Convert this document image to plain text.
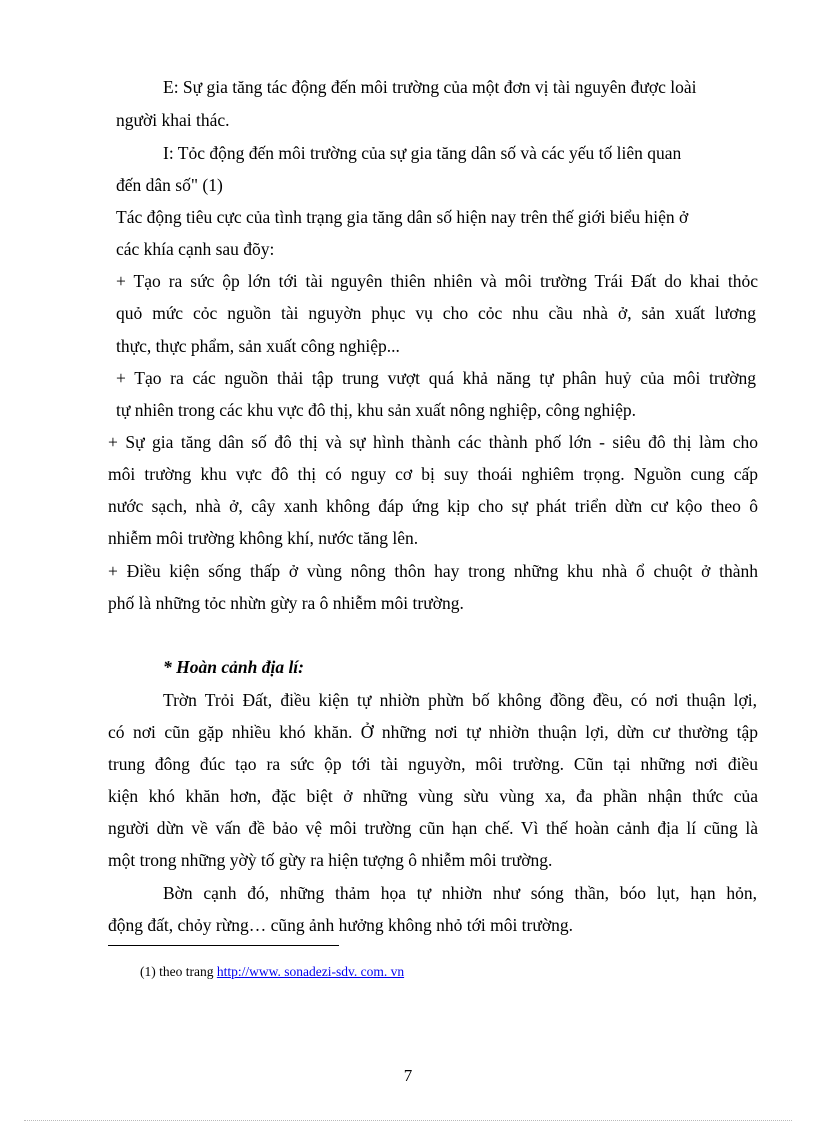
E: Sự gia tăng tác động đến môi trường của một đơn vị tài nguyên được loài
người khai thác.
I: Tỏc động đến môi trường của sự gia tăng dân số và các yếu tố liên quan
đến dân số" (1)
Tác động tiêu cực của tình trạng gia tăng dân số hiện nay trên thế giới biểu hiện ở
các khía cạnh sau đõy:
+ Tạo ra sức ộp lớn tới tài nguyên thiên nhiên và môi trường Trái Đất do khai thỏc
quỏ mức cỏc nguồn tài nguyờn phục vụ cho cỏc nhu cầu nhà ở, sản xuất lương
thực, thực phẩm, sản xuất công nghiệp...
+ Tạo ra các nguồn thải tập trung vượt quá khả năng tự phân huỷ của môi trường
tự nhiên trong các khu vực đô thị, khu sản xuất nông nghiệp, công nghiệp.
+ Sự gia tăng dân số đô thị và sự hình thành các thành phố lớn - siêu đô thị làm cho
môi trường khu vực đô thị có nguy cơ bị suy thoái nghiêm trọng. Nguồn cung cấp
nước sạch, nhà ở, cây xanh không đáp ứng kịp cho sự phát triển dừn cư kộo theo ô
nhiễm môi trường không khí, nước tăng lên.
+ Điều kiện sống thấp ở vùng nông thôn hay trong những khu nhà ổ chuột ở thành
phố là những tỏc nhừn gừy ra ô nhiễm môi trường.
* Hoàn cảnh địa lí:
Trờn Trỏi Đất, điều kiện tự nhiờn phừn bố không đồng đều, có nơi thuận lợi,
có nơi cũn gặp nhiều khó khăn. Ở những nơi tự nhiờn thuận lợi, dừn cư thường tập
trung đông đúc tạo ra sức ộp tới tài nguyờn, môi trường. Cũn tại những nơi điều
kiện khó khăn hơn, đặc biệt ở những vùng sừu vùng xa, đa phần nhận thức của
người dừn về vấn đề bảo vệ môi trường cũn hạn chế. Vì thế hoàn cảnh địa lí cũng là
một trong những yờỳ tố gừy ra hiện tượng ô nhiễm môi trường.
Bờn cạnh đó, những thảm họa tự nhiờn như sóng thần, bóo lụt, hạn hỏn,
động đất, chỏy rừng… cũng ảnh hưởng không nhỏ tới môi trường.
(1) theo trang http://www. sonadezi-sdv. com. vn
7
